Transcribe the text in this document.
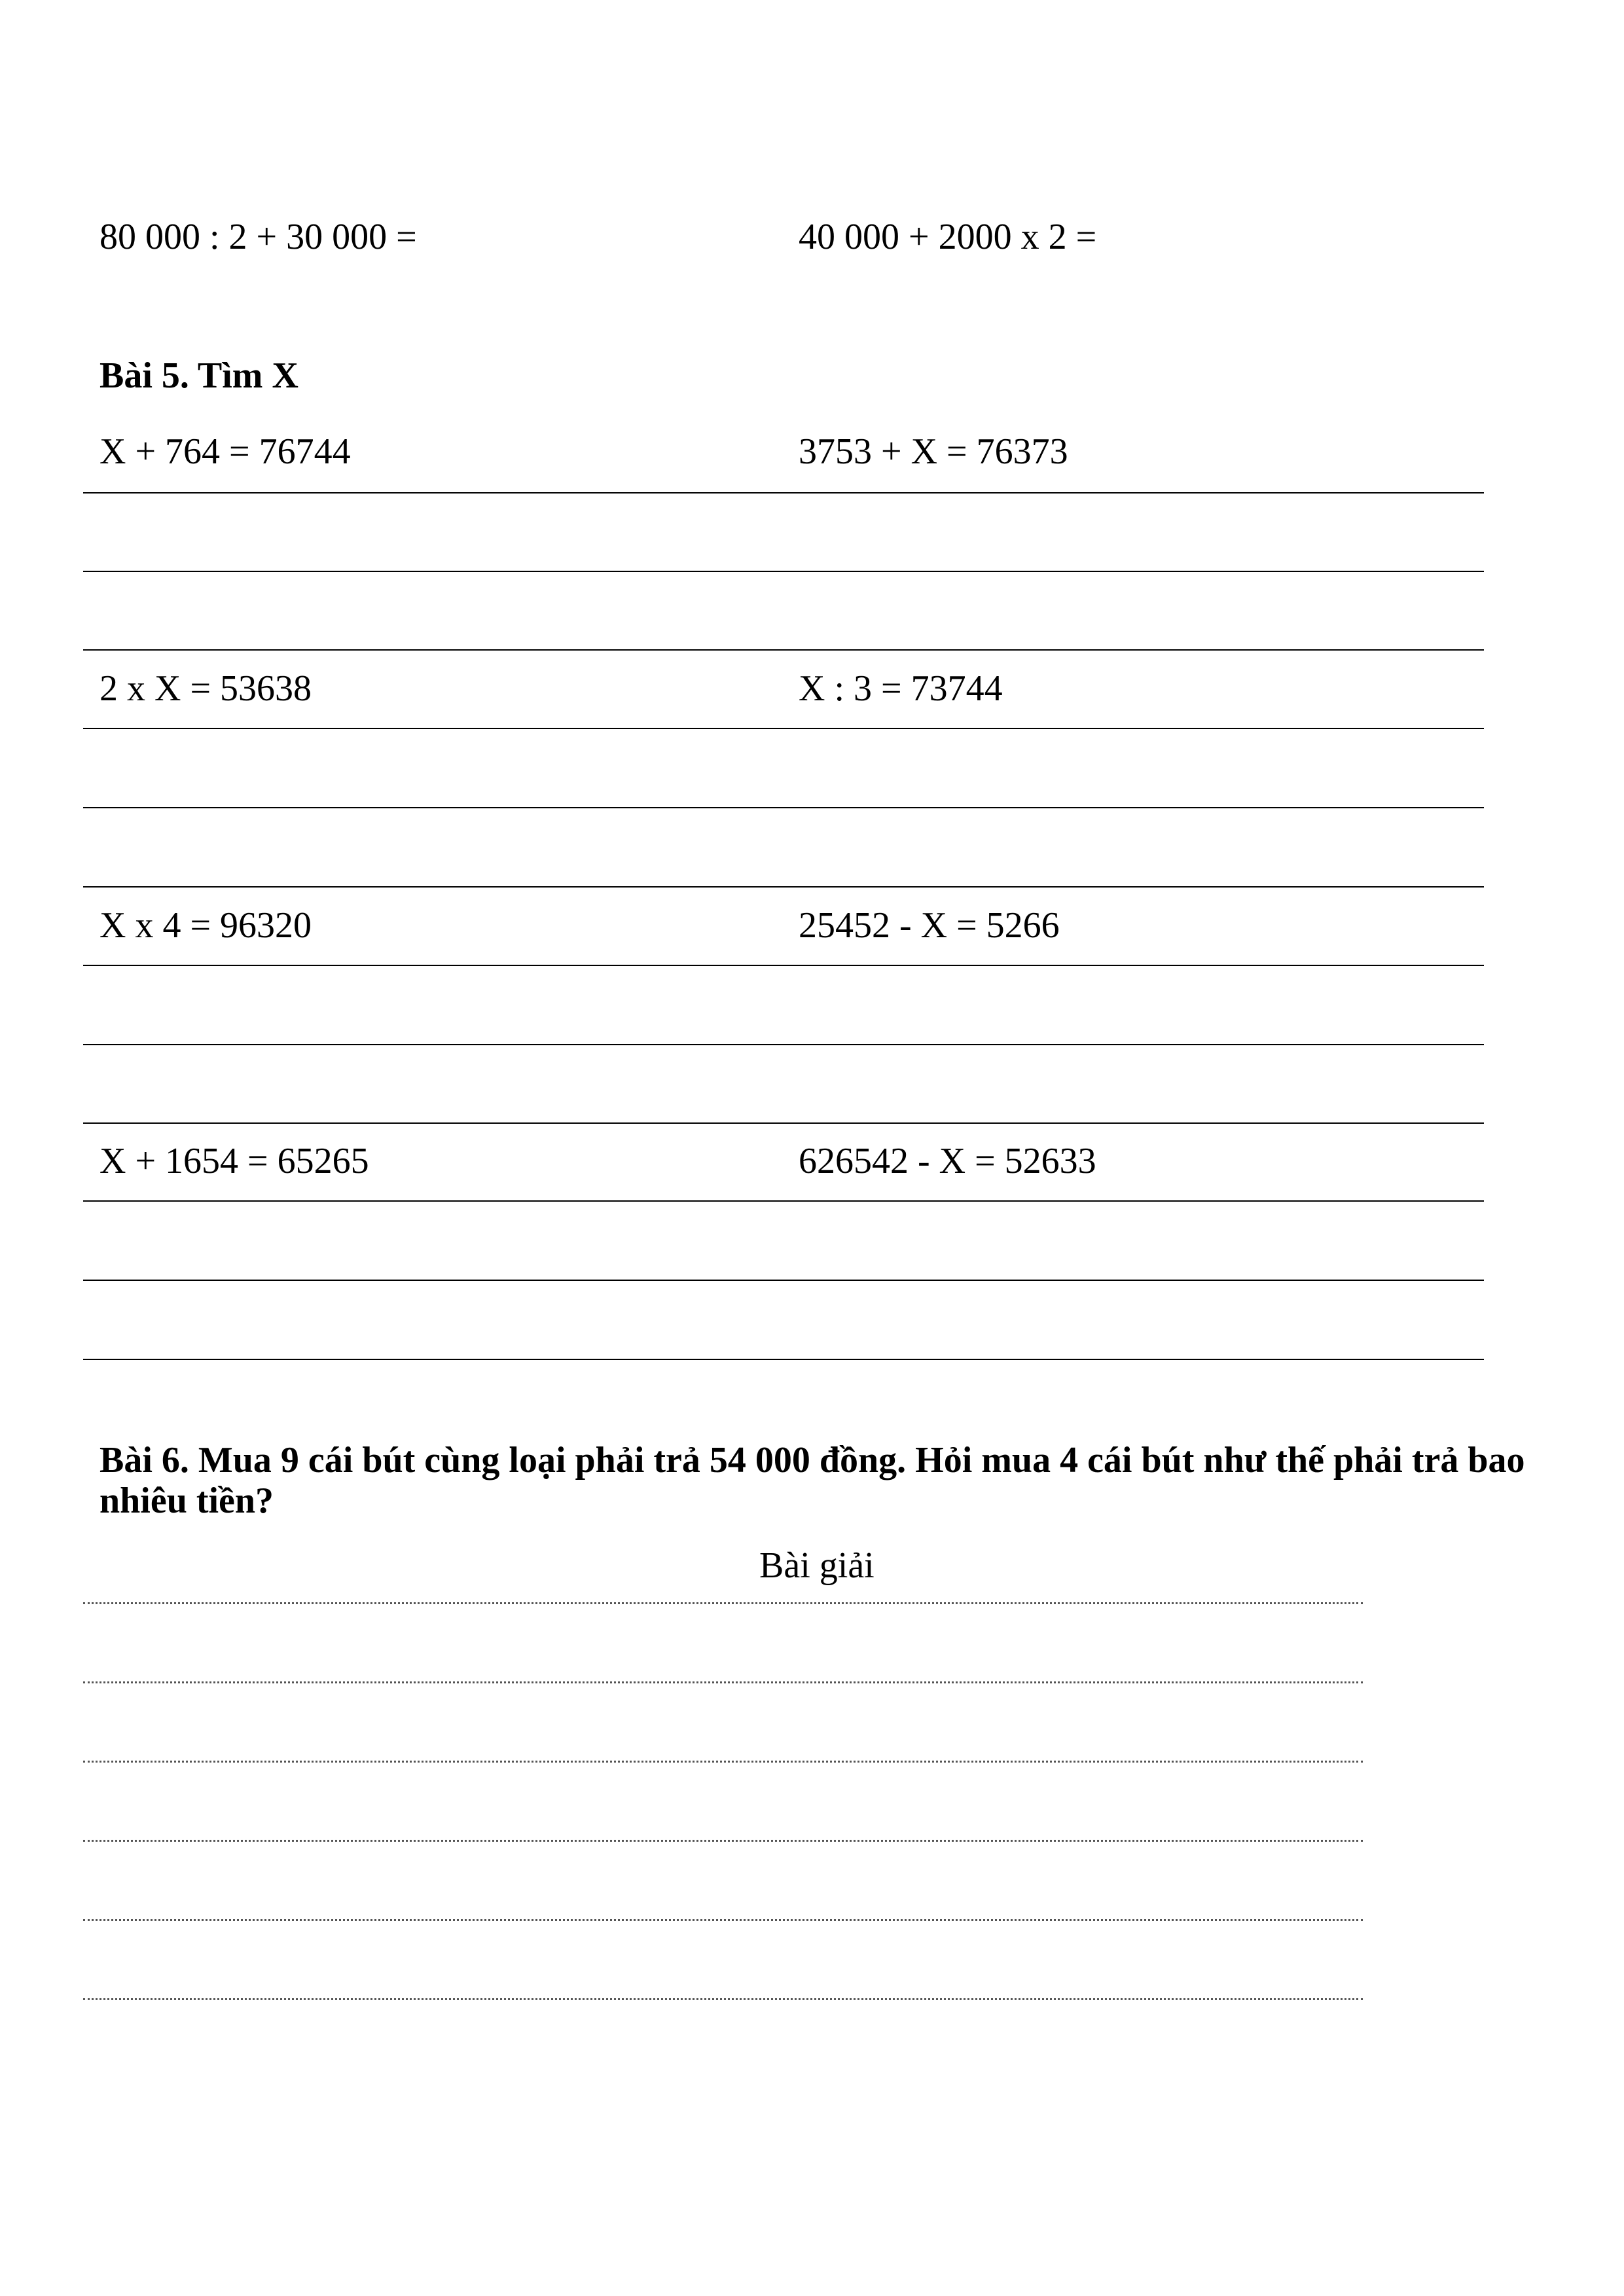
80 000 : 2 + 30 000 =	40 000 + 2000 x 2 =
Bài 5. Tìm X
X + 764 = 76744	3753 + X = 76373
2 x X = 53638	X : 3 = 73744
X x 4 = 96320	25452 - X = 5266
X + 1654 = 65265	626542 - X = 52633
Bài 6. Mua 9 cái bút cùng loại phải trả 54 000 đồng. Hỏi mua 4 cái bút như thế phải trả bao nhiêu tiền?
Bài giải
